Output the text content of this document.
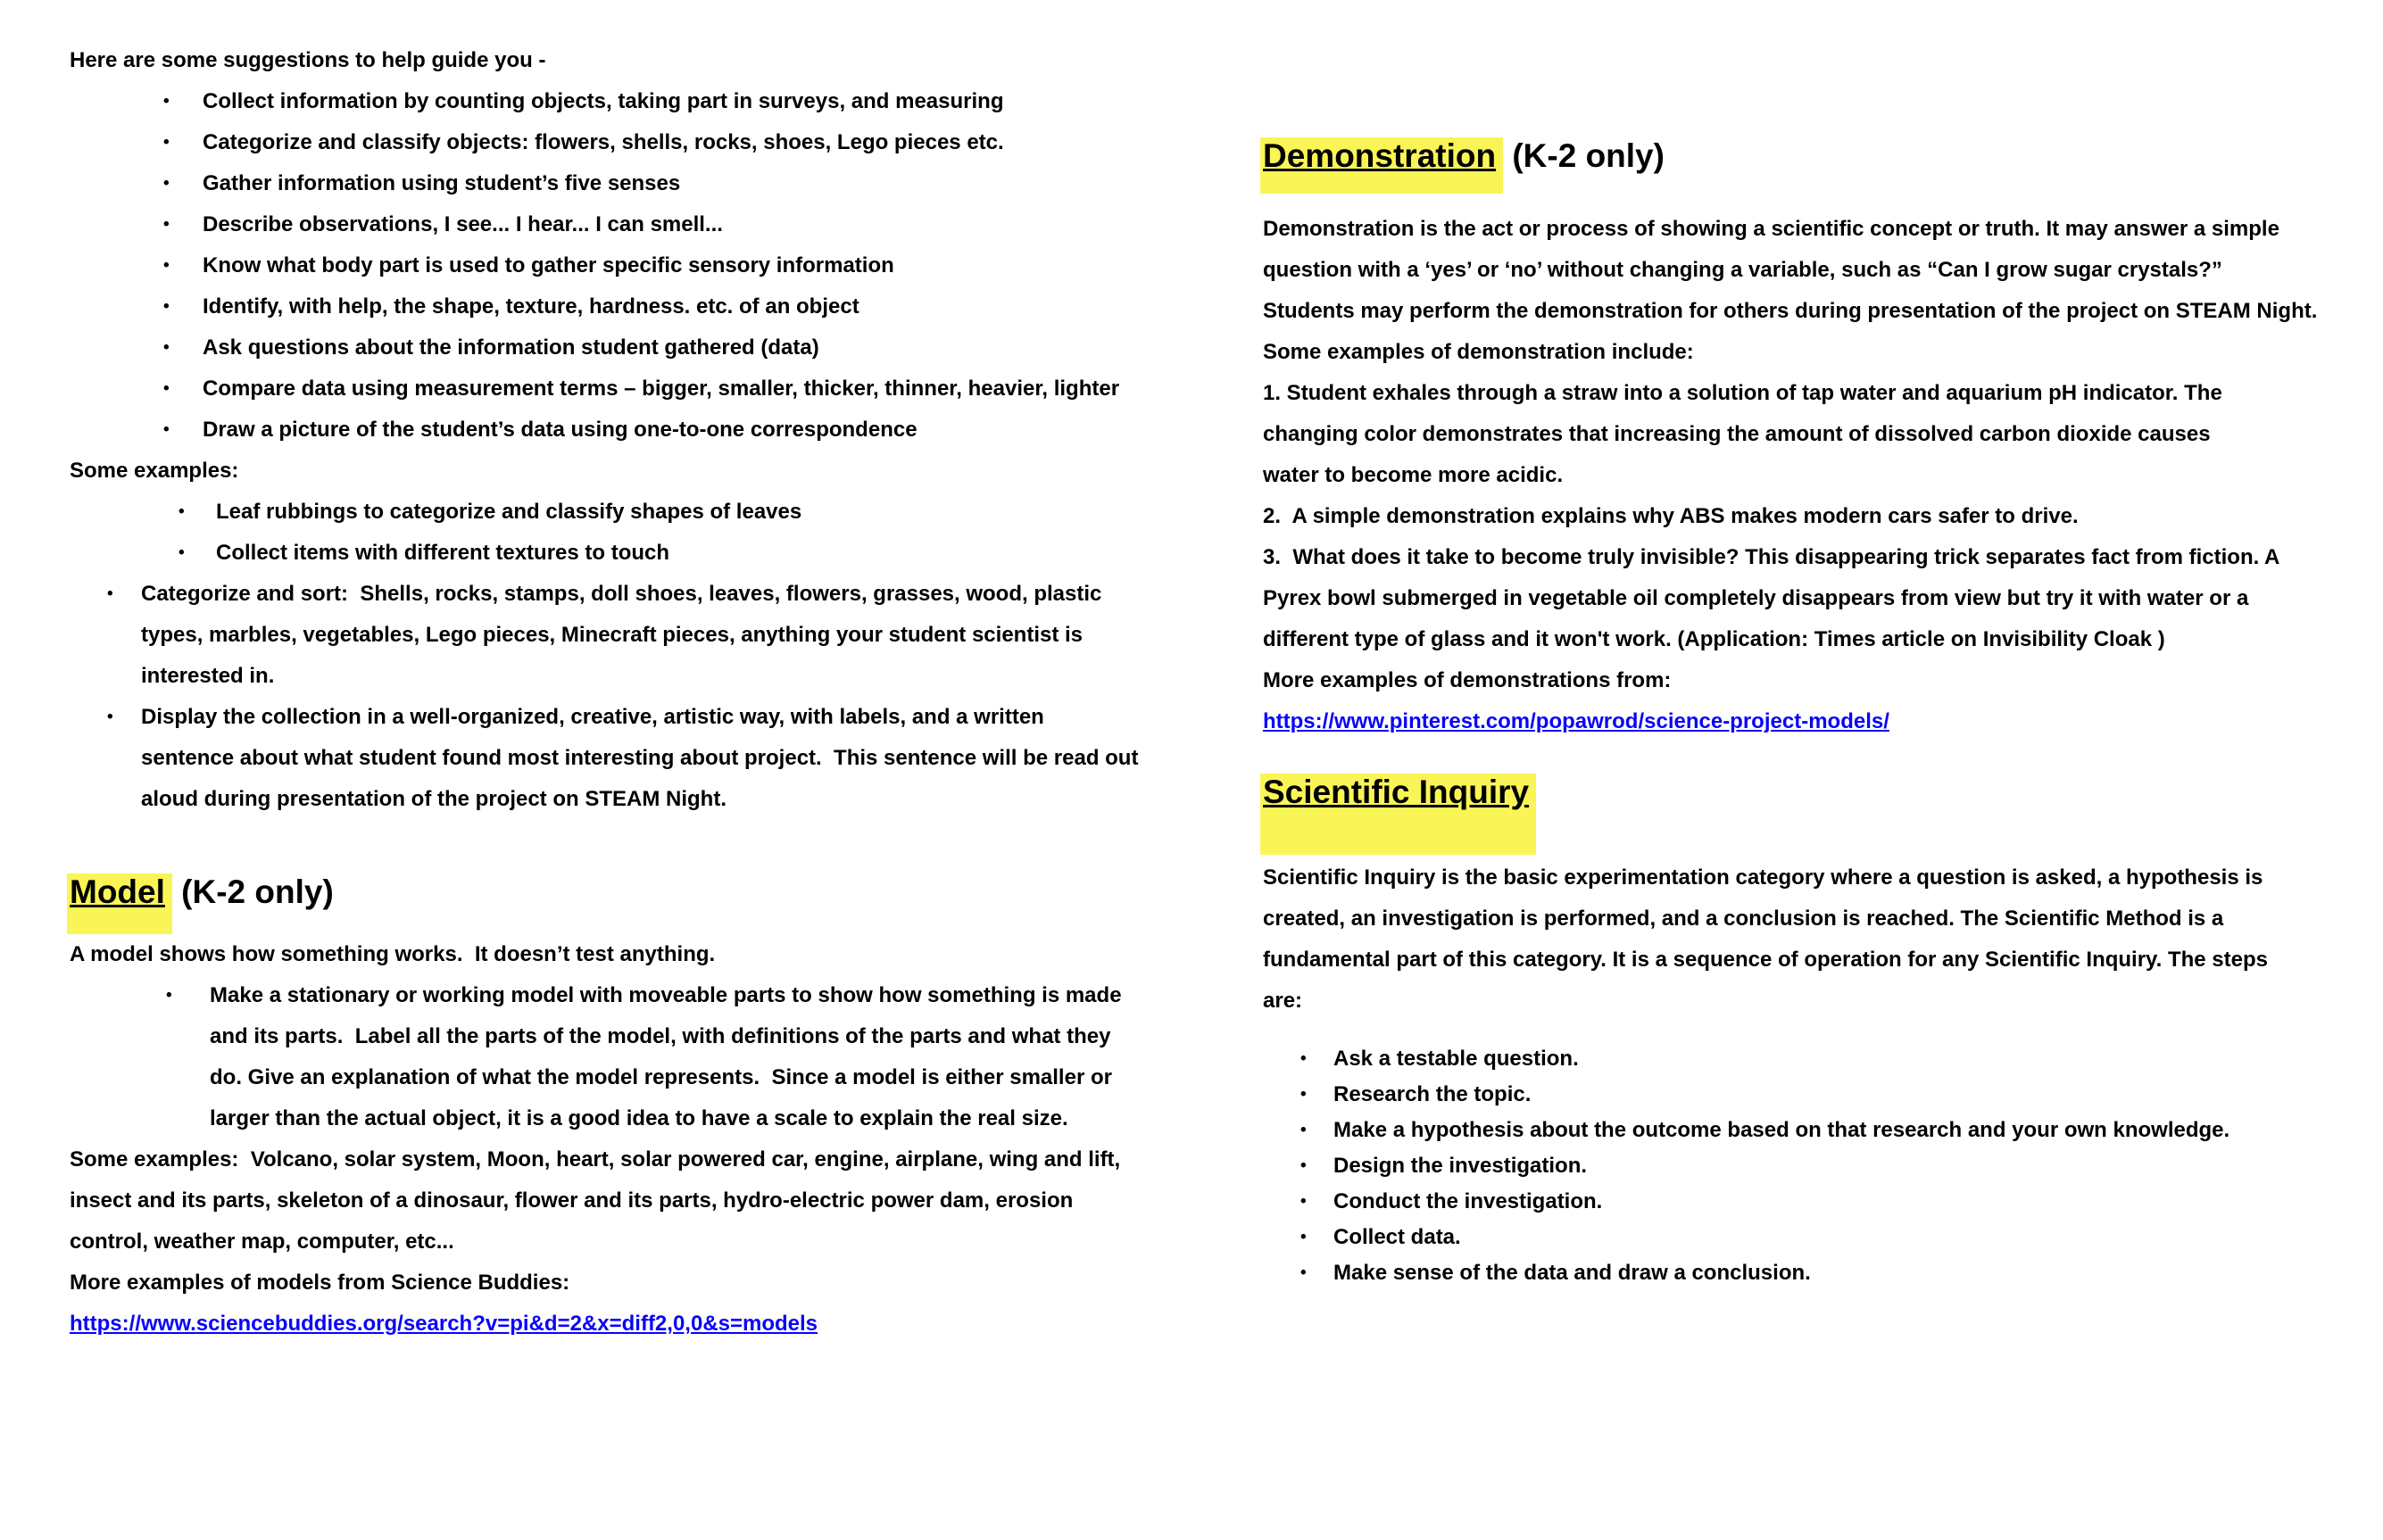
Here are some suggestions to help guide you -

• Collect information by counting objects, taking part in surveys, and measuring
• Categorize and classify objects: flowers, shells, rocks, shoes, Lego pieces etc.
• Gather information using student’s five senses
• Describe observations, I see... I hear... I can smell...
• Know what body part is used to gather specific sensory information
• Identify, with help, the shape, texture, hardness. etc. of an object
• Ask questions about the information student gathered (data)
• Compare data using measurement terms – bigger, smaller, thicker, thinner, heavier, lighter
• Draw a picture of the student’s data using one-to-one correspondence

Some examples:

• Leaf rubbings to categorize and classify shapes of leaves
• Collect items with different textures to touch
• Categorize and sort:  Shells, rocks, stamps, doll shoes, leaves, flowers, grasses, wood, plastic types, marbles, vegetables, Lego pieces, Minecraft pieces, anything your student scientist is interested in.
• Display the collection in a well-organized, creative, artistic way, with labels, and a written sentence about what student found most interesting about project.  This sentence will be read out aloud during presentation of the project on STEAM Night.
Model (K-2 only)

A model shows how something works.  It doesn’t test anything.

• Make a stationary or working model with moveable parts to show how something is made and its parts.  Label all the parts of the model, with definitions of the parts and what they do. Give an explanation of what the model represents.  Since a model is either smaller or larger than the actual object, it is a good idea to have a scale to explain the real size.

Some examples:  Volcano, solar system, Moon, heart, solar powered car, engine, airplane, wing and lift, insect and its parts, skeleton of a dinosaur, flower and its parts, hydro-electric power dam, erosion control, weather map, computer, etc...

More examples of models from Science Buddies:

https://www.sciencebuddies.org/search?v=pi&d=2&x=diff2,0,0&s=models

Demonstration (K-2 only)

Demonstration is the act or process of showing a scientific concept or truth. It may answer a simple question with a ‘yes’ or ‘no’ without changing a variable, such as “Can I grow sugar crystals?”   Students may perform the demonstration for others during presentation of the project on STEAM Night.

Some examples of demonstration include:

1. Student exhales through a straw into a solution of tap water and aquarium pH indicator. The changing color demonstrates that increasing the amount of dissolved carbon dioxide causes water to become more acidic.

2.  A simple demonstration explains why ABS makes modern cars safer to drive.

3.  What does it take to become truly invisible? This disappearing trick separates fact from fiction. A Pyrex bowl submerged in vegetable oil completely disappears from view but try it with water or a different type of glass and it won't work. (Application: Times article on Invisibility Cloak )

More examples of demonstrations from:

https://www.pinterest.com/popawrod/science-project-models/

Scientific Inquiry

Scientific Inquiry is the basic experimentation category where a question is asked, a hypothesis is created, an investigation is performed, and a conclusion is reached. The Scientific Method is a fundamental part of this category. It is a sequence of operation for any Scientific Inquiry. The steps are:

• Ask a testable question.
• Research the topic.
• Make a hypothesis about the outcome based on that research and your own knowledge.
• Design the investigation.
• Conduct the investigation.
• Collect data.
• Make sense of the data and draw a conclusion.
